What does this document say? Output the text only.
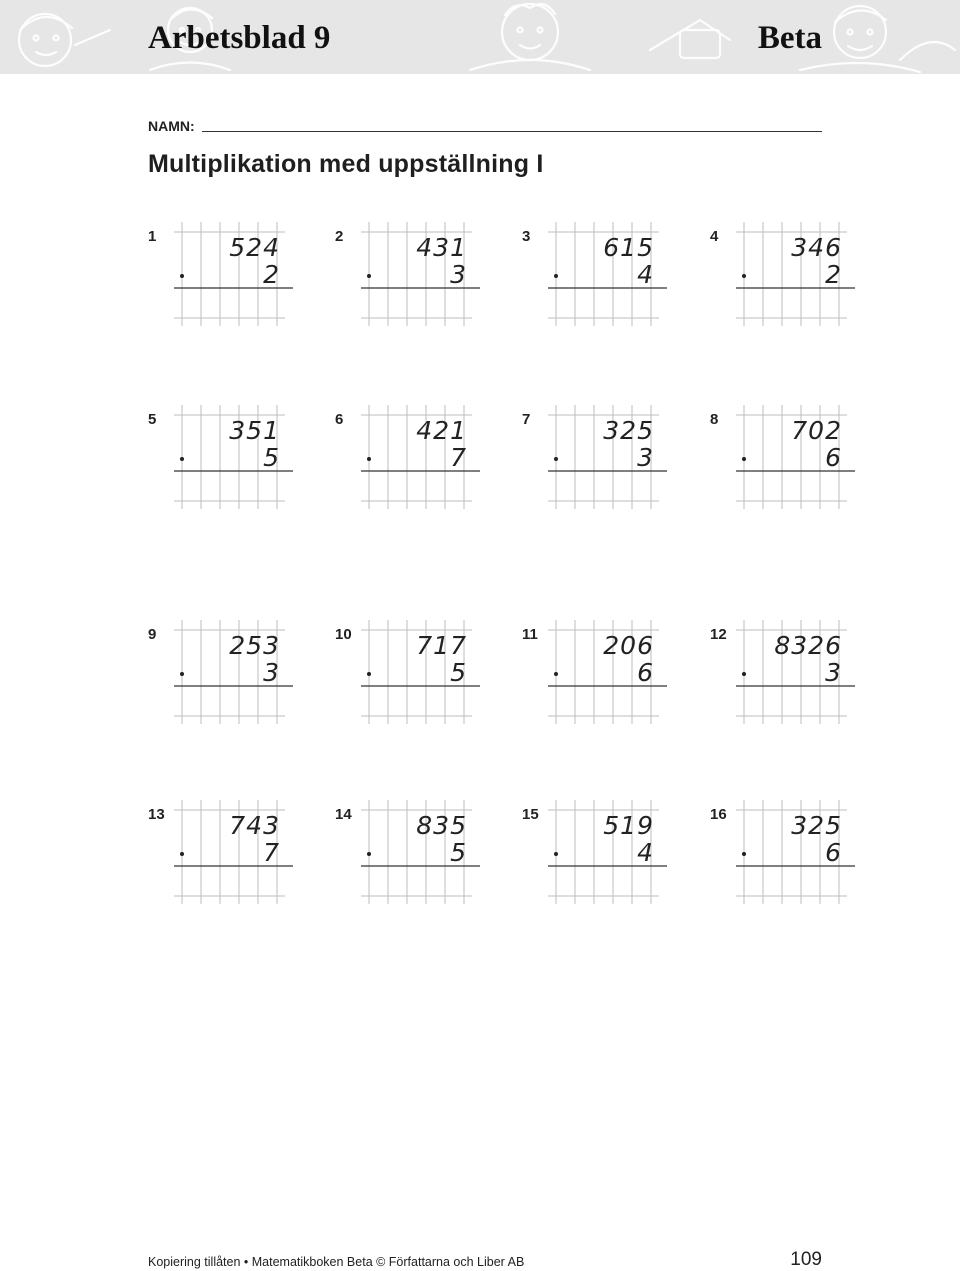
Arbetsblad 9	Beta
NAMN:
Multiplikation med uppställning I
1	524
2
2	431
3
3	615
4
4	346
2
5	351
5
6	421
7
7	325
3
8	702
6
9	253
3
10	717
5
11	206
6
12 8326
3
13	743
7
14	835
5
15	519
4
16	325
6
Kopiering tillåten • Matematikboken Beta © Författarna och Liber AB	109
